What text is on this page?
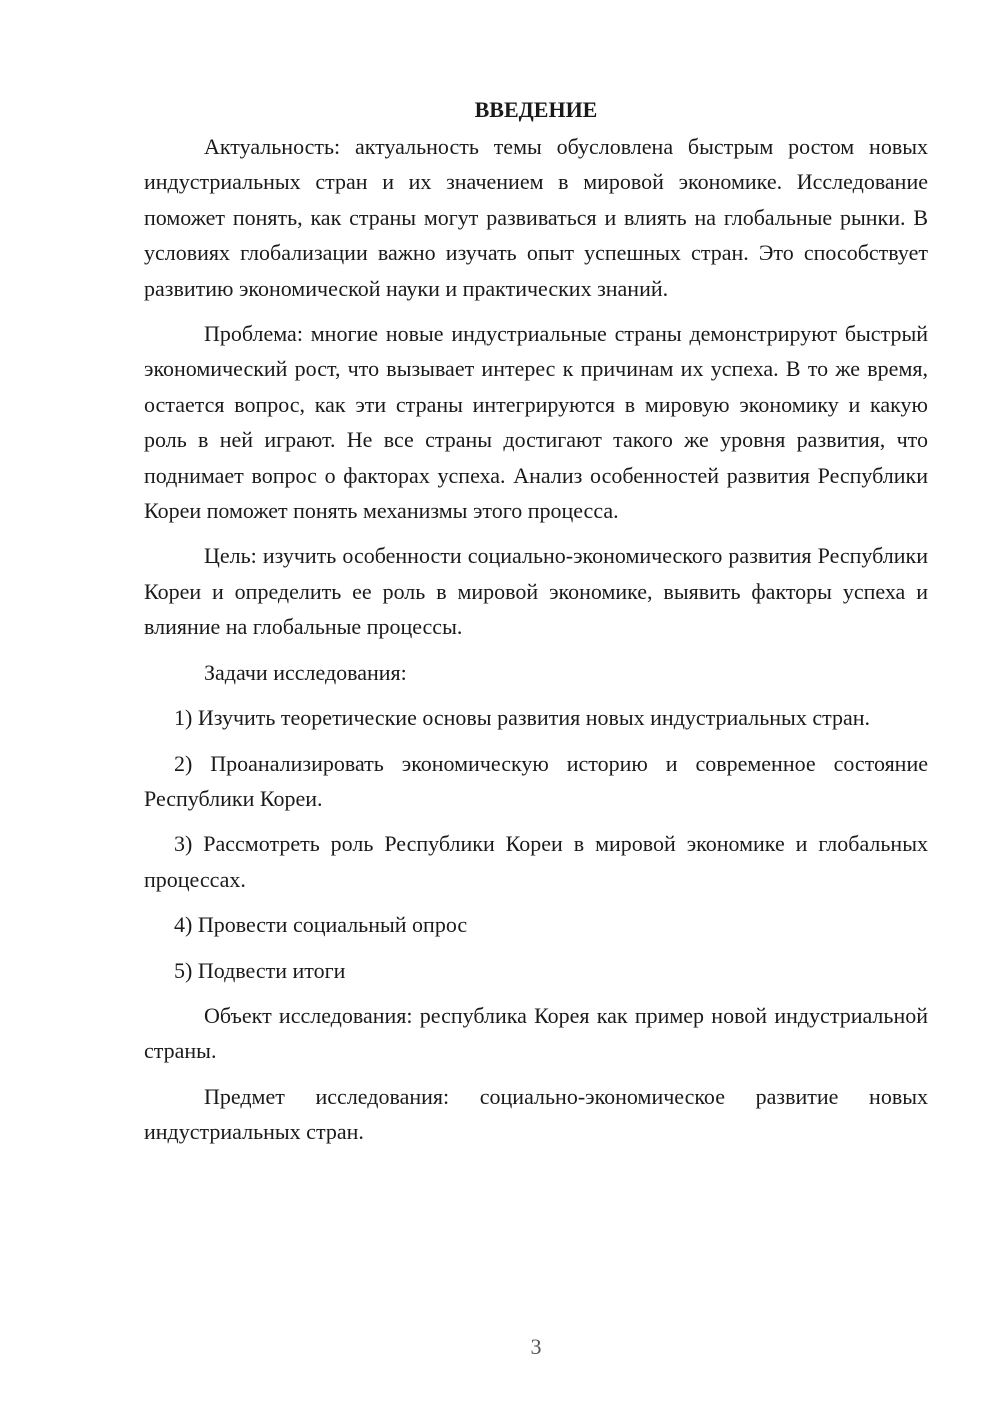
ВВЕДЕНИЕ

Актуальность: актуальность темы обусловлена быстрым ростом новых индустриальных стран и их значением в мировой экономике. Исследование поможет понять, как страны могут развиваться и влиять на глобальные рынки. В условиях глобализации важно изучать опыт успешных стран. Это способствует развитию экономической науки и практических знаний.

Проблема: многие новые индустриальные страны демонстрируют быстрый экономический рост, что вызывает интерес к причинам их успеха. В то же время, остается вопрос, как эти страны интегрируются в мировую экономику и какую роль в ней играют. Не все страны достигают такого же уровня развития, что поднимает вопрос о факторах успеха. Анализ особенностей развития Республики Кореи поможет понять механизмы этого процесса.

Цель: изучить особенности социально-экономического развития Республики Кореи и определить ее роль в мировой экономике, выявить факторы успеха и влияние на глобальные процессы.

Задачи исследования:

1) Изучить теоретические основы развития новых индустриальных стран.

2) Проанализировать экономическую историю и современное состояние Республики Кореи.

3) Рассмотреть роль Республики Кореи в мировой экономике и глобальных процессах.

4) Провести социальный опрос

5) Подвести итоги

Объект исследования: республика Корея как пример новой индустриальной страны.

Предмет исследования: социально-экономическое развитие новых индустриальных стран.

3
